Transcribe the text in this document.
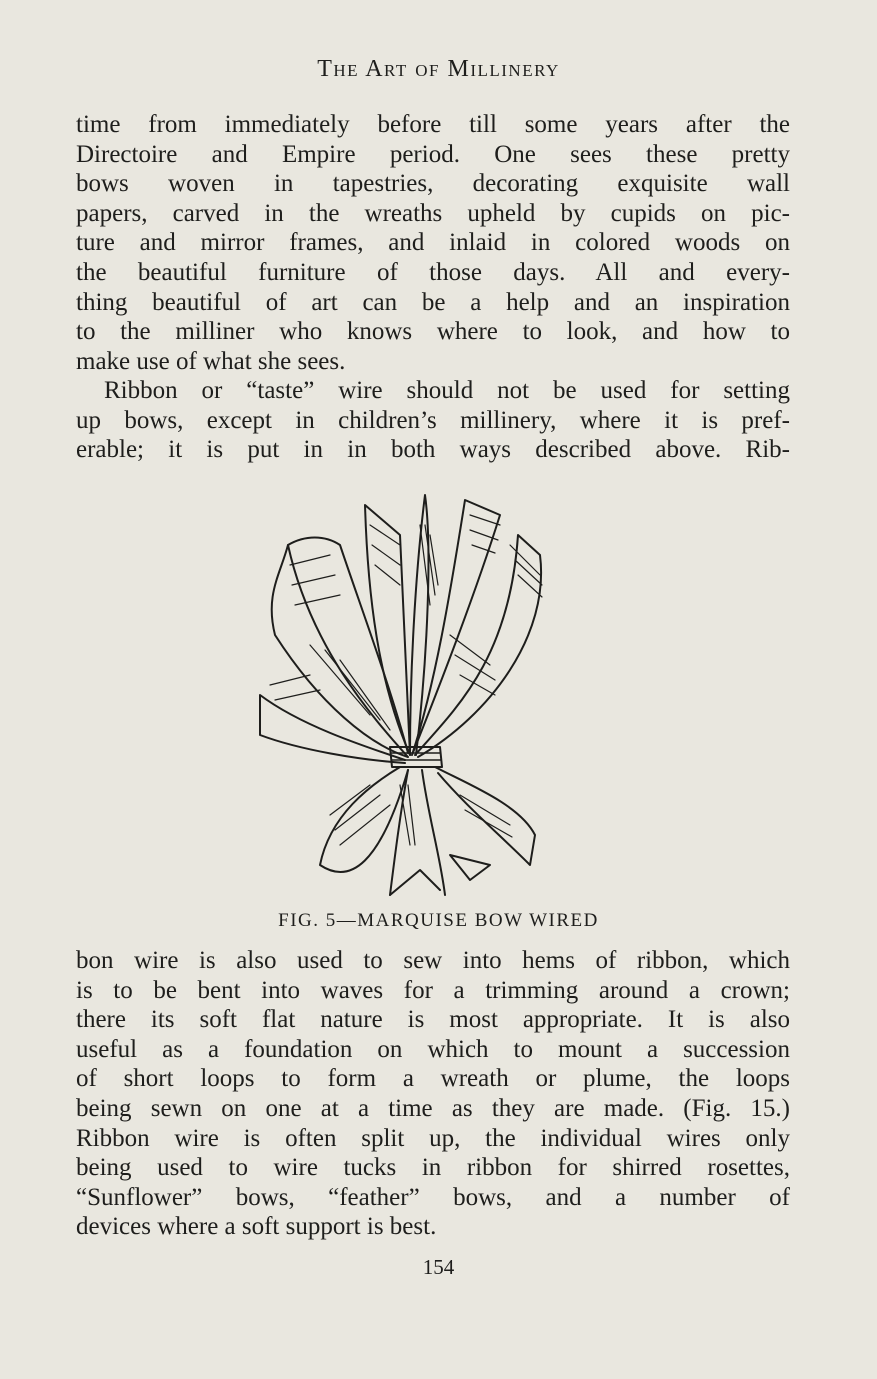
The Art of Millinery
time from immediately before till some years after the
Directoire and Empire period. One sees these pretty
bows woven in tapestries, decorating exquisite wall
papers, carved in the wreaths upheld by cupids on pic-
ture and mirror frames, and inlaid in colored woods on
the beautiful furniture of those days. All and every-
thing beautiful of art can be a help and an inspiration
to the milliner who knows where to look, and how to
make use of what she sees.
Ribbon or “taste” wire should not be used for setting
up bows, except in children’s millinery, where it is pref-
erable; it is put in in both ways described above. Rib-
FIG. 5—MARQUISE BOW WIRED
bon wire is also used to sew into hems of ribbon, which
is to be bent into waves for a trimming around a crown;
there its soft flat nature is most appropriate. It is also
useful as a foundation on which to mount a succession
of short loops to form a wreath or plume, the loops
being sewn on one at a time as they are made. (Fig. 15.)
Ribbon wire is often split up, the individual wires only
being used to wire tucks in ribbon for shirred rosettes,
“Sunflower” bows, “feather” bows, and a number of
devices where a soft support is best.
154
